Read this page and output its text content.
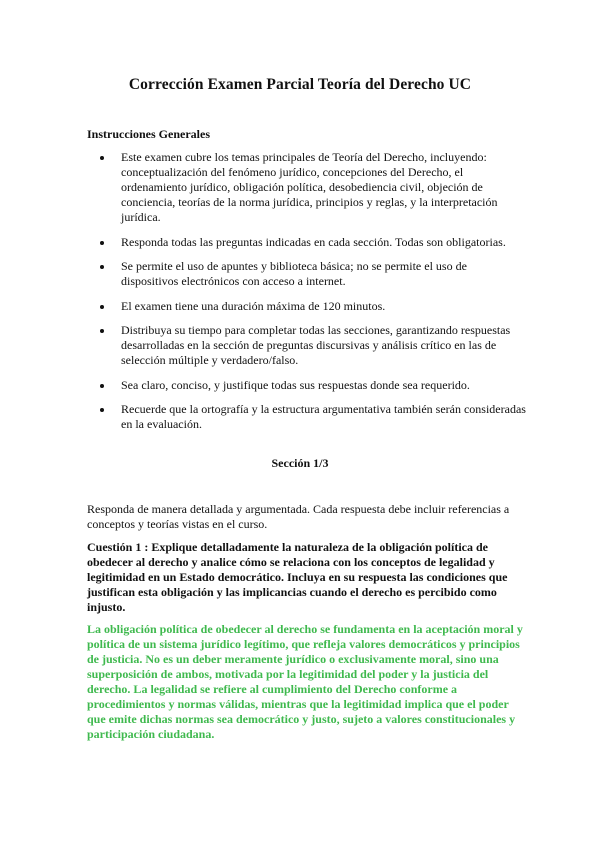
Corrección Examen Parcial Teoría del Derecho UC
Instrucciones Generales
Este examen cubre los temas principales de Teoría del Derecho, incluyendo: conceptualización del fenómeno jurídico, concepciones del Derecho, el ordenamiento jurídico, obligación política, desobediencia civil, objeción de conciencia, teorías de la norma jurídica, principios y reglas, y la interpretación jurídica.
Responda todas las preguntas indicadas en cada sección. Todas son obligatorias.
Se permite el uso de apuntes y biblioteca básica; no se permite el uso de dispositivos electrónicos con acceso a internet.
El examen tiene una duración máxima de 120 minutos.
Distribuya su tiempo para completar todas las secciones, garantizando respuestas desarrolladas en la sección de preguntas discursivas y análisis crítico en las de selección múltiple y verdadero/falso.
Sea claro, conciso, y justifique todas sus respuestas donde sea requerido.
Recuerde que la ortografía y la estructura argumentativa también serán consideradas en la evaluación.
Sección 1/3
Responda de manera detallada y argumentada. Cada respuesta debe incluir referencias a conceptos y teorías vistas en el curso.
Cuestión 1 : Explique detalladamente la naturaleza de la obligación política de obedecer al derecho y analice cómo se relaciona con los conceptos de legalidad y legitimidad en un Estado democrático. Incluya en su respuesta las condiciones que justifican esta obligación y las implicancias cuando el derecho es percibido como injusto.
La obligación política de obedecer al derecho se fundamenta en la aceptación moral y política de un sistema jurídico legítimo, que refleja valores democráticos y principios de justicia. No es un deber meramente jurídico o exclusivamente moral, sino una superposición de ambos, motivada por la legitimidad del poder y la justicia del derecho. La legalidad se refiere al cumplimiento del Derecho conforme a procedimientos y normas válidas, mientras que la legitimidad implica que el poder que emite dichas normas sea democrático y justo, sujeto a valores constitucionales y participación ciudadana.
